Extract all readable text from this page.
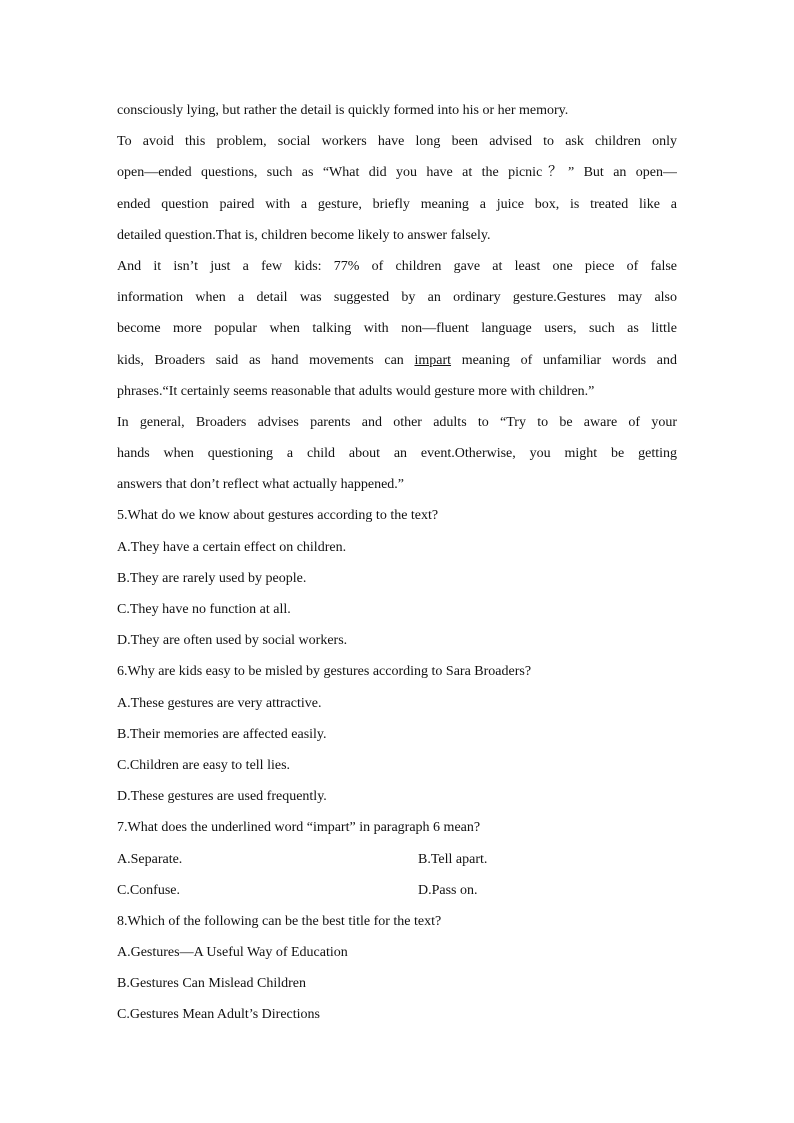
consciously lying, but rather the detail is quickly formed into his or her memory.
To avoid this problem, social workers have long been advised to ask children only
open—ended questions, such as “What did you have at the picnic？” But an open—
ended question paired with a gesture, briefly meaning a juice box, is treated like a
detailed question.That is, children become likely to answer falsely.
And it isn’t just a few kids: 77% of children gave at least one piece of false
information when a detail was suggested by an ordinary gesture.Gestures may also
become more popular when talking with non—fluent language users, such as little
kids, Broaders said as hand movements can impart meaning of unfamiliar words and
phrases.“It certainly seems reasonable that adults would gesture more with children.”
In general, Broaders advises parents and other adults to “Try to be aware of your
hands when questioning a child about an event.Otherwise, you might be getting
answers that don’t reflect what actually happened.”
5.What do we know about gestures according to the text?
A.They have a certain effect on children.
B.They are rarely used by people.
C.They have no function at all.
D.They are often used by social workers.
6.Why are kids easy to be misled by gestures according to Sara Broaders?
A.These gestures are very attractive.
B.Their memories are affected easily.
C.Children are easy to tell lies.
D.These gestures are used frequently.
7.What does the underlined word “impart” in paragraph 6 mean?
A.Separate.	B.Tell apart.
C.Confuse.	D.Pass on.
8.Which of the following can be the best title for the text?
A.Gestures—A Useful Way of Education
B.Gestures Can Mislead Children
C.Gestures Mean Adult’s Directions
